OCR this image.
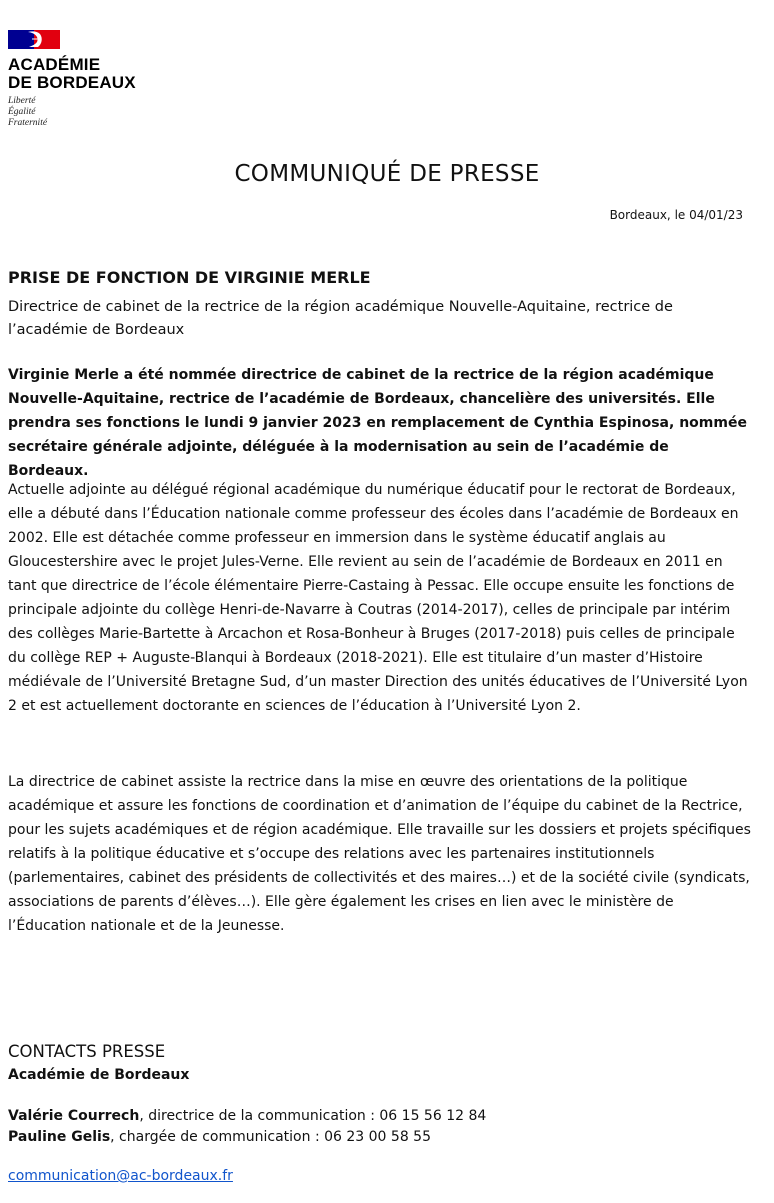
ACADÉMIE
DE BORDEAUX
Liberté
Égalité
Fraternité
COMMUNIQUÉ DE PRESSE
Bordeaux, le 04/01/23
PRISE DE FONCTION DE VIRGINIE MERLE

Directrice de cabinet de la rectrice de la région académique Nouvelle-Aquitaine, rectrice de l’académie de Bordeaux

Virginie Merle a été nommée directrice de cabinet de la rectrice de la région académique Nouvelle-Aquitaine, rectrice de l’académie de Bordeaux, chancelière des universités. Elle prendra ses fonctions le lundi 9 janvier 2023 en remplacement de Cynthia Espinosa, nommée secrétaire générale adjointe, déléguée à la modernisation au sein de l’académie de Bordeaux.

Actuelle adjointe au délégué régional académique du numérique éducatif pour le rectorat de Bordeaux, elle a débuté dans l’Éducation nationale comme professeur des écoles dans l’académie de Bordeaux en 2002. Elle est détachée comme professeur en immersion dans le système éducatif anglais au Gloucestershire avec le projet Jules-Verne. Elle revient au sein de l’académie de Bordeaux en 2011 en tant que directrice de l’école élémentaire Pierre-Castaing à Pessac. Elle occupe ensuite les fonctions de principale adjointe du collège Henri-de-Navarre à Coutras (2014-2017), celles de principale par intérim des collèges Marie-Bartette à Arcachon et Rosa-Bonheur à Bruges (2017-2018) puis celles de principale du collège REP + Auguste-Blanqui à Bordeaux (2018-2021). Elle est titulaire d’un master d’Histoire médiévale de l’Université Bretagne Sud, d’un master Direction des unités éducatives de l’Université Lyon 2 et est actuellement doctorante en sciences de l’éducation à l’Université Lyon 2.

La directrice de cabinet assiste la rectrice dans la mise en œuvre des orientations de la politique académique et assure les fonctions de coordination et d’animation de l’équipe du cabinet de la Rectrice, pour les sujets académiques et de région académique. Elle travaille sur les dossiers et projets spécifiques relatifs à la politique éducative et s’occupe des relations avec les partenaires institutionnels (parlementaires, cabinet des présidents de collectivités et des maires…) et de la société civile (syndicats, associations de parents d’élèves…). Elle gère également les crises en lien avec le ministère de l’Éducation nationale et de la Jeunesse.

CONTACTS PRESSE
Académie de Bordeaux
Valérie Courrech, directrice de la communication : 06 15 56 12 84
Pauline Gelis, chargée de communication : 06 23 00 58 55
communication@ac-bordeaux.fr
